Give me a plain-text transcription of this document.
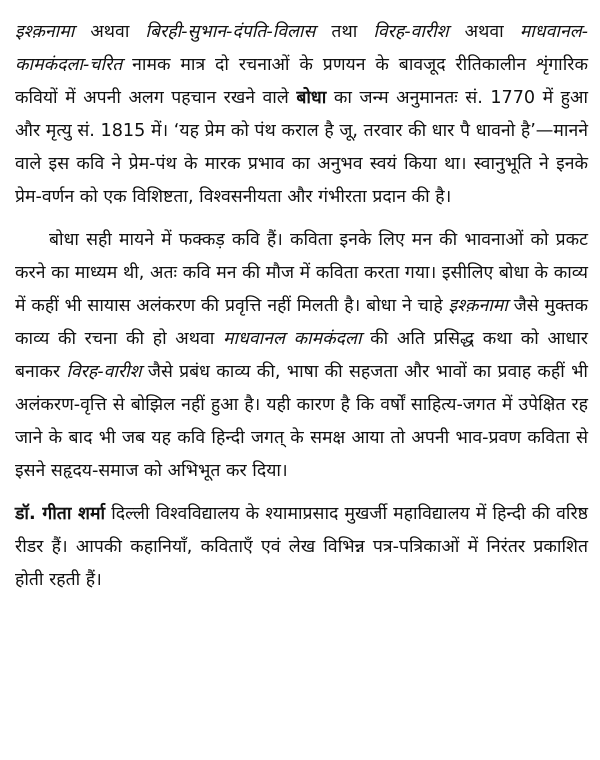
इश्क़नामा अथवा बिरही-सुभान-दंपति-विलास तथा विरह-वारीश अथवा माधवानल-कामकंदला-चरित नामक मात्र दो रचनाओं के प्रणयन के बावजूद रीतिकालीन शृंगारिक कवियों में अपनी अलग पहचान रखने वाले बोधा का जन्म अनुमानतः सं. 1770 में हुआ और मृत्यु सं. 1815 में। ‘यह प्रेम को पंथ कराल है जू, तरवार की धार पै धावनो है’—मानने वाले इस कवि ने प्रेम-पंथ के मारक प्रभाव का अनुभव स्वयं किया था। स्वानुभूति ने इनके प्रेम-वर्णन को एक विशिष्टता, विश्वसनीयता और गंभीरता प्रदान की है।

बोधा सही मायने में फक्कड़ कवि हैं। कविता इनके लिए मन की भावनाओं को प्रकट करने का माध्यम थी, अतः कवि मन की मौज में कविता करता गया। इसीलिए बोधा के काव्य में कहीं भी सायास अलंकरण की प्रवृत्ति नहीं मिलती है। बोधा ने चाहे इश्क़नामा जैसे मुक्तक काव्य की रचना की हो अथवा माधवानल कामकंदला की अति प्रसिद्ध कथा को आधार बनाकर विरह-वारीश जैसे प्रबंध काव्य की, भाषा की सहजता और भावों का प्रवाह कहीं भी अलंकरण-वृत्ति से बोझिल नहीं हुआ है। यही कारण है कि वर्षों साहित्य-जगत में उपेक्षित रह जाने के बाद भी जब यह कवि हिन्दी जगत् के समक्ष आया तो अपनी भाव-प्रवण कविता से इसने सहृदय-समाज को अभिभूत कर दिया।

डॉ. गीता शर्मा दिल्ली विश्वविद्यालय के श्यामाप्रसाद मुखर्जी महाविद्यालय में हिन्दी की वरिष्ठ रीडर हैं। आपकी कहानियाँ, कविताएँ एवं लेख विभिन्न पत्र-पत्रिकाओं में निरंतर प्रकाशित होती रहती हैं।
